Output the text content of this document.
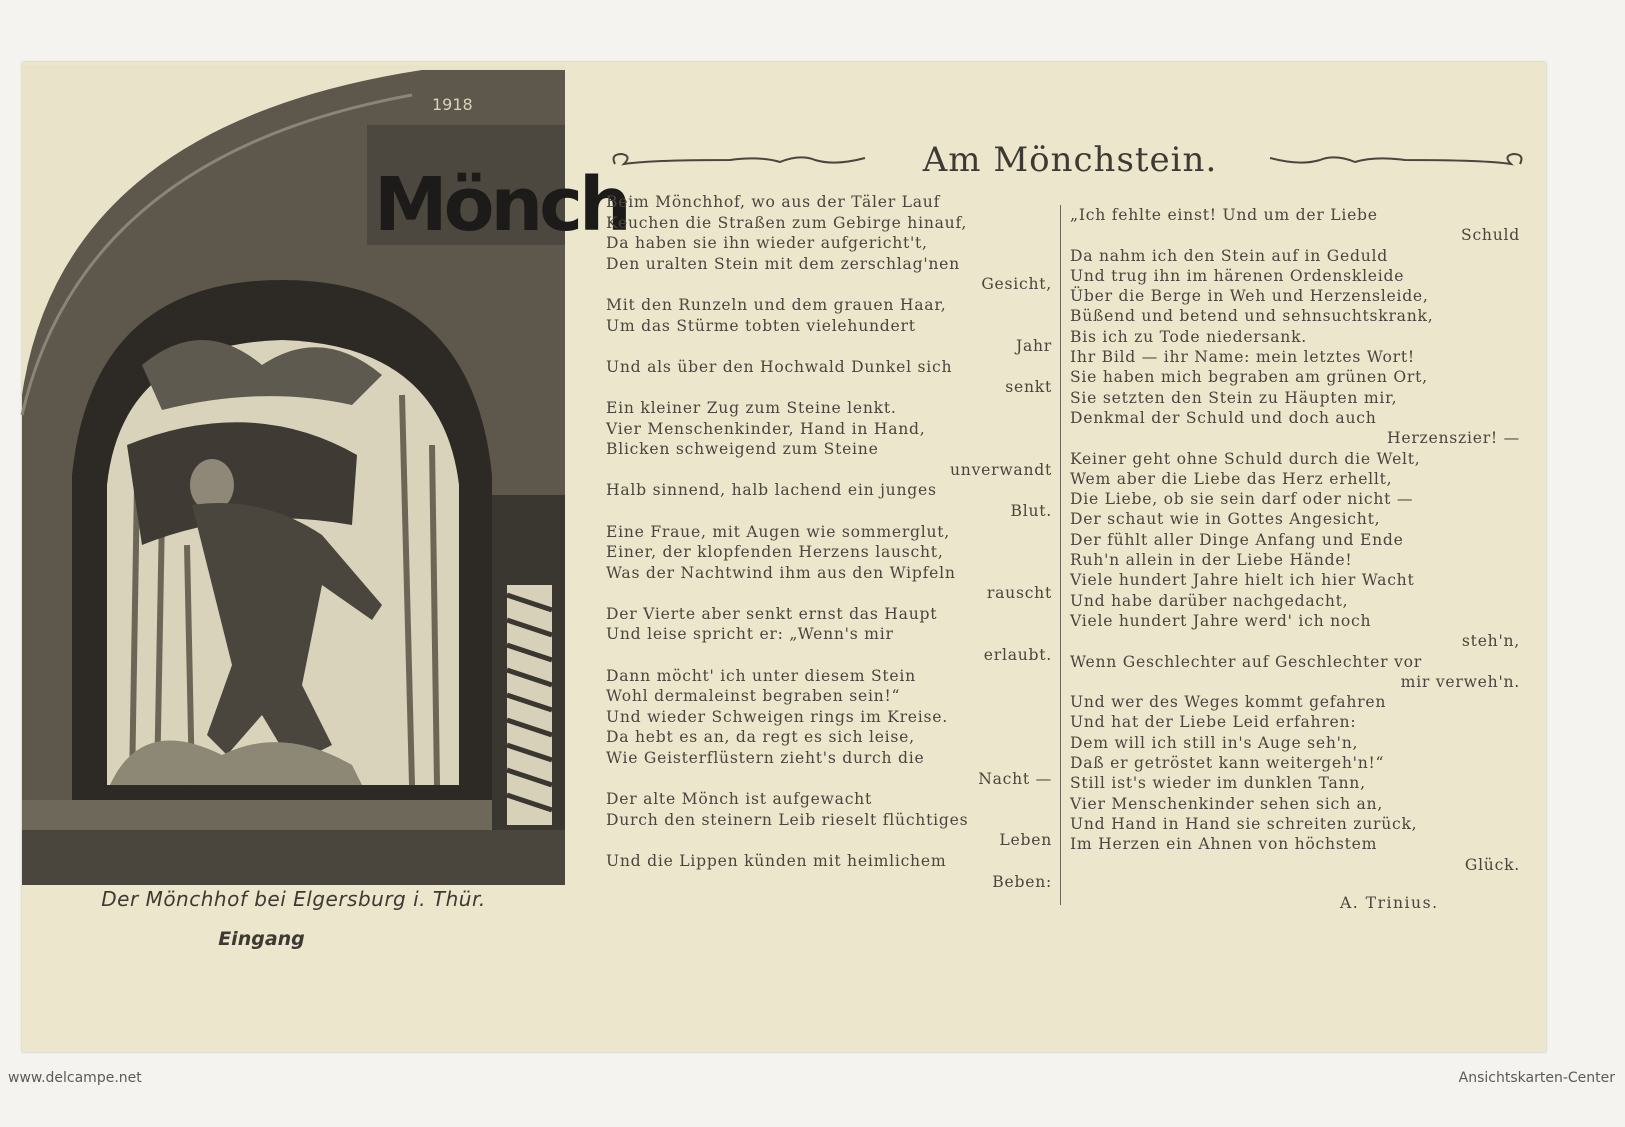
Mönch
1918
Der Mönchhof bei Elgersburg i. Thür.
Eingang
Am Mönchstein.
Beim Mönchhof, wo aus der Täler Lauf
Keuchen die Straßen zum Gebirge hinauf,
Da haben sie ihn wieder aufgericht't,
Den uralten Stein mit dem zerschlag'nen
Gesicht,
Mit den Runzeln und dem grauen Haar,
Um das Stürme tobten vielehundert
Jahr
Und als über den Hochwald Dunkel sich
senkt
Ein kleiner Zug zum Steine lenkt.
Vier Menschenkinder, Hand in Hand,
Blicken schweigend zum Steine
unverwandt
Halb sinnend, halb lachend ein junges
Blut.
Eine Fraue, mit Augen wie sommerglut,
Einer, der klopfenden Herzens lauscht,
Was der Nachtwind ihm aus den Wipfeln
rauscht
Der Vierte aber senkt ernst das Haupt
Und leise spricht er: „Wenn's mir
erlaubt.
Dann möcht' ich unter diesem Stein
Wohl dermaleinst begraben sein!“
Und wieder Schweigen rings im Kreise.
Da hebt es an, da regt es sich leise,
Wie Geisterflüstern zieht's durch die
Nacht —
Der alte Mönch ist aufgewacht
Durch den steinern Leib rieselt flüchtiges
Leben
Und die Lippen künden mit heimlichem
Beben:
„Ich fehlte einst! Und um der Liebe
Schuld
Da nahm ich den Stein auf in Geduld
Und trug ihn im härenen Ordenskleide
Über die Berge in Weh und Herzensleide,
Büßend und betend und sehnsuchtskrank,
Bis ich zu Tode niedersank.
Ihr Bild — ihr Name: mein letztes Wort!
Sie haben mich begraben am grünen Ort,
Sie setzten den Stein zu Häupten mir,
Denkmal der Schuld und doch auch
Herzenszier! —
Keiner geht ohne Schuld durch die Welt,
Wem aber die Liebe das Herz erhellt,
Die Liebe, ob sie sein darf oder nicht —
Der schaut wie in Gottes Angesicht,
Der fühlt aller Dinge Anfang und Ende
Ruh'n allein in der Liebe Hände!
Viele hundert Jahre hielt ich hier Wacht
Und habe darüber nachgedacht,
Viele hundert Jahre werd' ich noch
steh'n,
Wenn Geschlechter auf Geschlechter vor
mir verweh'n.
Und wer des Weges kommt gefahren
Und hat der Liebe Leid erfahren:
Dem will ich still in's Auge seh'n,
Daß er getröstet kann weitergeh'n!“
Still ist's wieder im dunklen Tann,
Vier Menschenkinder sehen sich an,
Und Hand in Hand sie schreiten zurück,
Im Herzen ein Ahnen von höchstem
Glück.
A. Trinius.
www.delcampe.net	Ansichtskarten-Center
